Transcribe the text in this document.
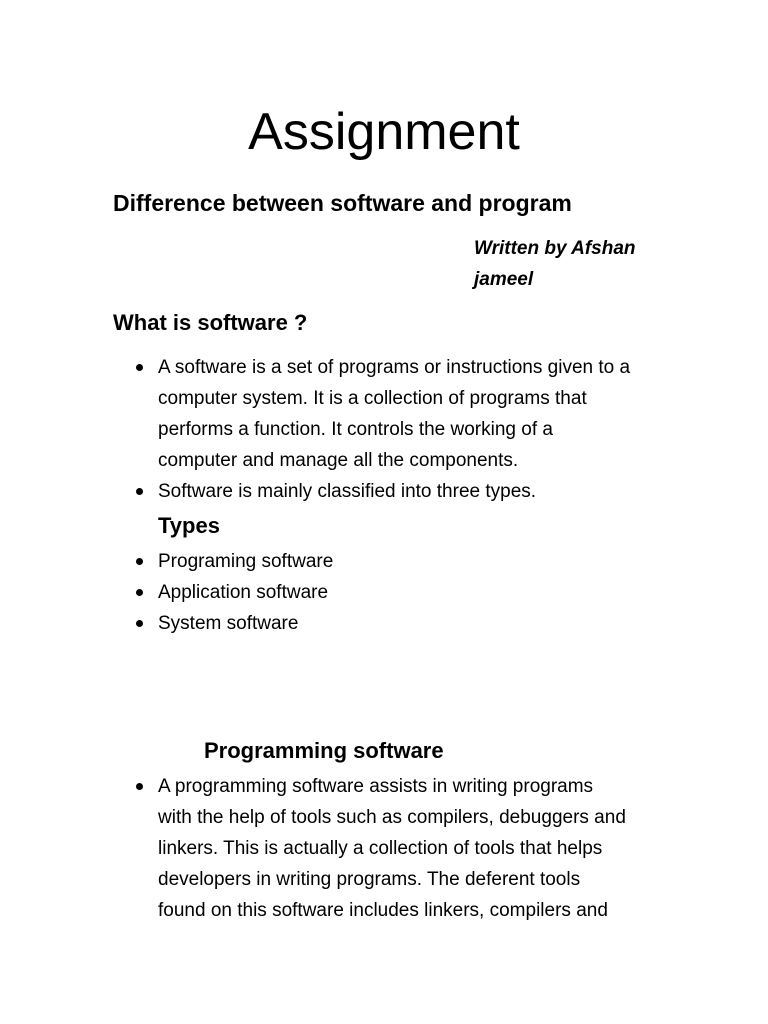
Assignment
Difference between software and program
Written by Afshan
jameel
What is software ?
A software is a set of programs or instructions given to a
computer system. It is a collection of programs that
performs a function. It controls the working of a
computer and manage all the components.
Software is mainly classified into three types.
Types
Programing software
Application software
System software
Programming software
A programming software assists in writing programs
with the help of tools such as compilers, debuggers and
linkers. This is actually a collection of tools that helps
developers in writing programs. The deferent tools
found on this software includes linkers, compilers and
